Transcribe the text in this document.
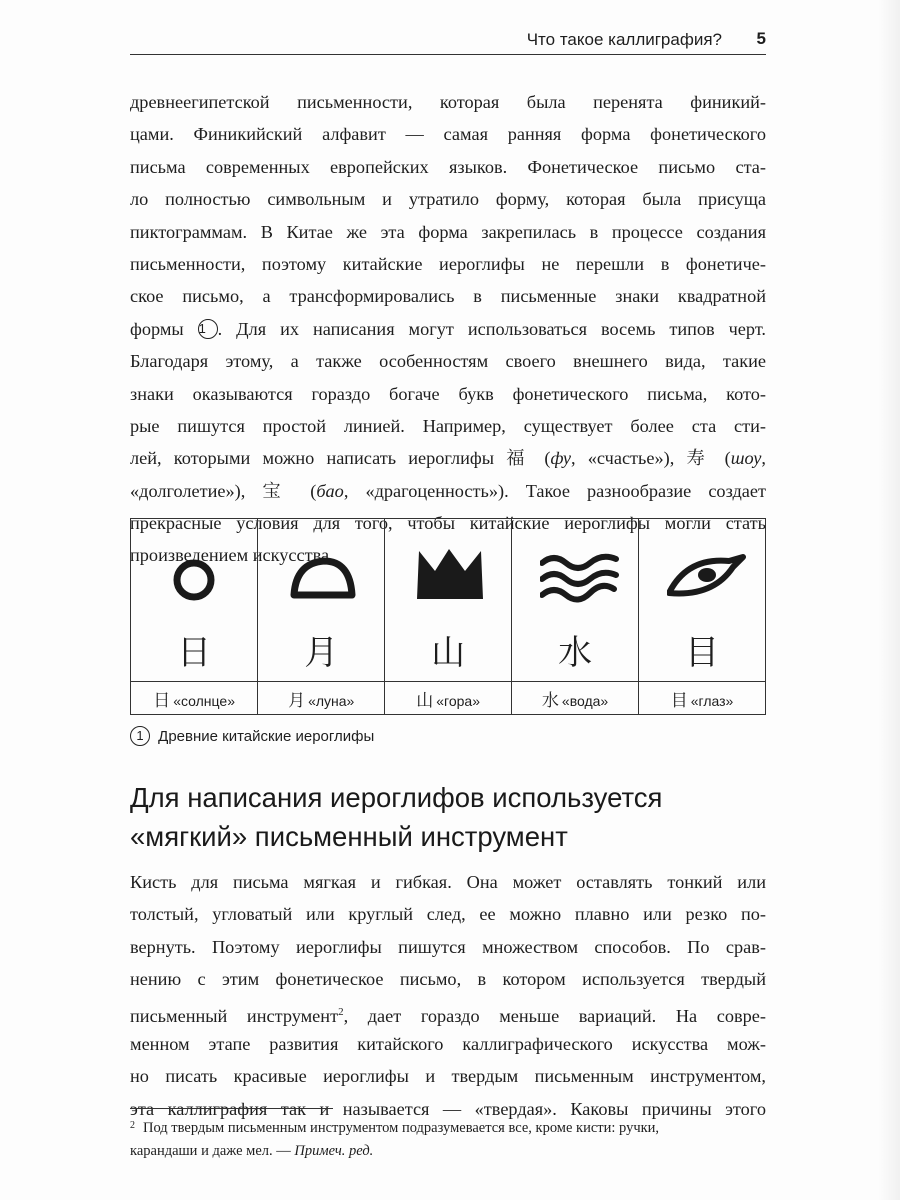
Что такое каллиграфия? 5
древнеегипетской письменности, которая была перенята финикий-
цами. Финикийский алфавит — самая ранняя форма фонетического
письма современных европейских языков. Фонетическое письмо ста-
ло полностью символьным и утратило форму, которая была присуща
пиктограммам. В Китае же эта форма закрепилась в процессе создания
письменности, поэтому китайские иероглифы не перешли в фонетиче-
ское письмо, а трансформировались в письменные знаки квадратной
формы 1 . Для их написания могут использоваться восемь типов черт.
Благодаря этому, а также особенностям своего внешнего вида, такие
знаки оказываются гораздо богаче букв фонетического письма, кото-
рые пишутся простой линией. Например, существует более ста сти-
лей, которыми можно написать иероглифы 福 (фу, «счастье»), 寿 (шоу,
«долголетие»), 宝 (бао, «драгоценность»). Такое разнообразие создает
прекрасные условия для того, чтобы китайские иероглифы могли стать
произведением искусства.
日	月	山	水	目

日 «солнце»	月 «луна»	山 «гора»	水 «вода»	目 «глаз»
1 Древние китайские иероглифы
Для написания иероглифов используется
«мягкий» письменный инструмент
Кисть для письма мягкая и гибкая. Она может оставлять тонкий или
толстый, угловатый или круглый след, ее можно плавно или резко по-
вернуть. Поэтому иероглифы пишутся множеством способов. По срав-
нению с этим фонетическое письмо, в котором используется твердый
письменный инструмент$^2$, дает гораздо меньше вариаций. На совре-
менном этапе развития китайского каллиграфического искусства мож-
но писать красивые иероглифы и твердым письменным инструментом,
эта каллиграфия так и называется — «твердая». Каковы причины этого
$^2$ Под твердым письменным инструментом подразумевается все, кроме кисти: ручки,
карандаши и даже мел. — Примеч. ред.
